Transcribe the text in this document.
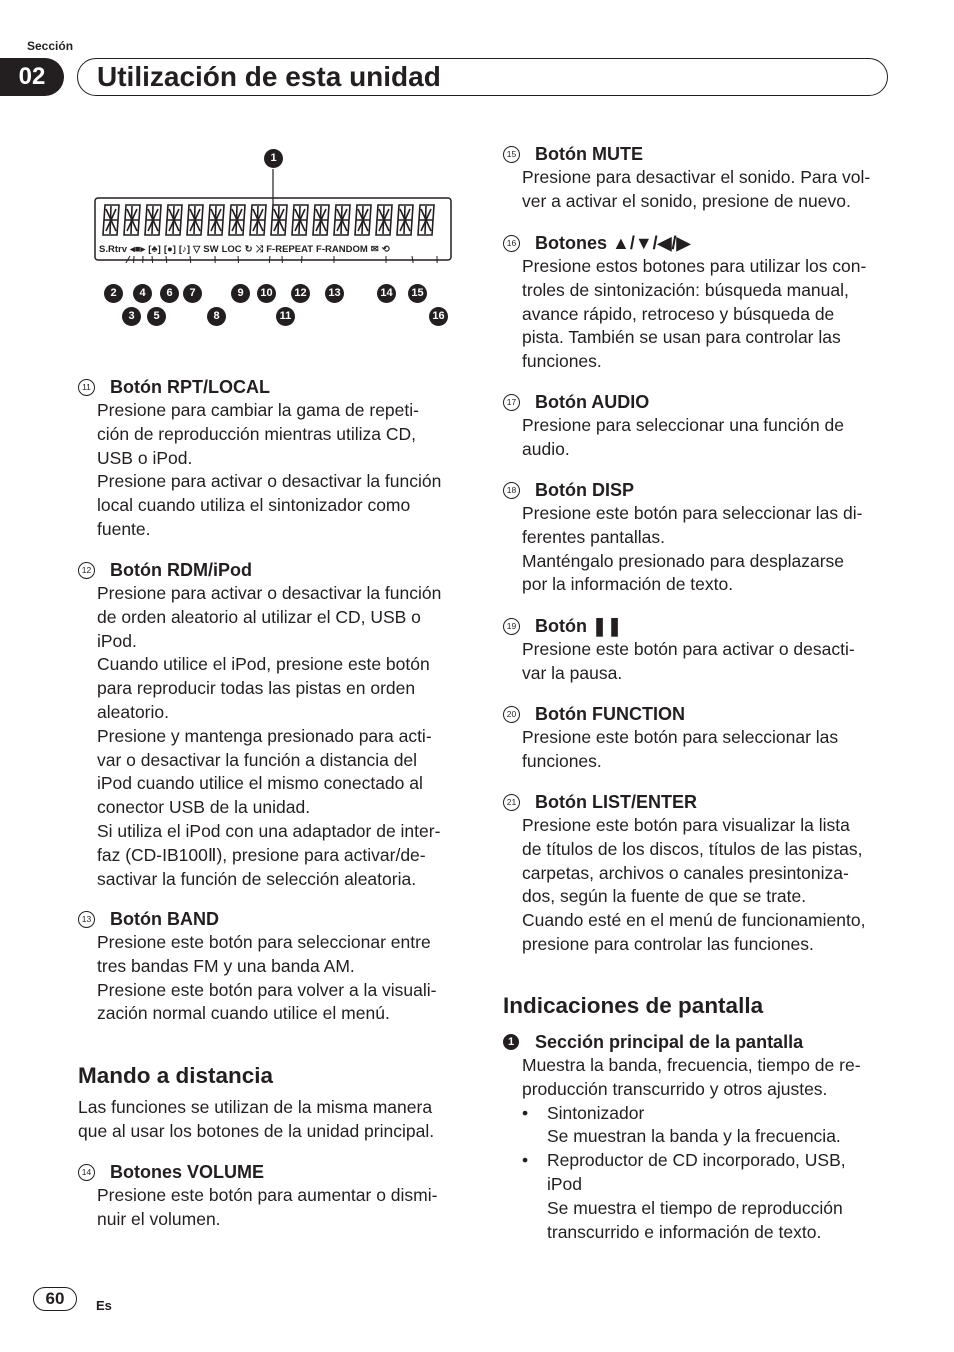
Sección
02	Utilización de esta unidad
S.Rtrv ◂■▸ [♣] [●] [♪] ▽ SW LOC ↻ ⤨ F-REPEAT F-RANDOM ✉ ⟲
1
2
3
4
5
6	7
8
9	10
11
12	13	14	15
16
11 Botón RPT/LOCAL
Presione para cambiar la gama de repeti-
ción de reproducción mientras utiliza CD,
USB o iPod.
Presione para activar o desactivar la función
local cuando utiliza el sintonizador como
fuente.
12 Botón RDM/iPod
Presione para activar o desactivar la función
de orden aleatorio al utilizar el CD, USB o
iPod.
Cuando utilice el iPod, presione este botón
para reproducir todas las pistas en orden
aleatorio.
Presione y mantenga presionado para acti-
var o desactivar la función a distancia del
iPod cuando utilice el mismo conectado al
conector USB de la unidad.
Si utiliza el iPod con una adaptador de inter-
faz (CD-IB100Ⅱ), presione para activar/de-
sactivar la función de selección aleatoria.
13 Botón BAND
Presione este botón para seleccionar entre
tres bandas FM y una banda AM.
Presione este botón para volver a la visuali-
zación normal cuando utilice el menú.
Mando a distancia
Las funciones se utilizan de la misma manera
que al usar los botones de la unidad principal.
14 Botones VOLUME
Presione este botón para aumentar o dismi-
nuir el volumen.
15 Botón MUTE
Presione para desactivar el sonido. Para vol-
ver a activar el sonido, presione de nuevo.
16 Botones ▲/▼/◀/▶
Presione estos botones para utilizar los con-
troles de sintonización: búsqueda manual,
avance rápido, retroceso y búsqueda de
pista. También se usan para controlar las
funciones.
17 Botón AUDIO
Presione para seleccionar una función de
audio.
18 Botón DISP
Presione este botón para seleccionar las di-
ferentes pantallas.
Manténgalo presionado para desplazarse
por la información de texto.
19 Botón ❚❚
Presione este botón para activar o desacti-
var la pausa.
20 Botón FUNCTION
Presione este botón para seleccionar las
funciones.
21 Botón LIST/ENTER
Presione este botón para visualizar la lista
de títulos de los discos, títulos de las pistas,
carpetas, archivos o canales presintoniza-
dos, según la fuente de que se trate.
Cuando esté en el menú de funcionamiento,
presione para controlar las funciones.
Indicaciones de pantalla
1 Sección principal de la pantalla
Muestra la banda, frecuencia, tiempo de re-
producción transcurrido y otros ajustes.
•	Sintonizador
Se muestran la banda y la frecuencia.
•	Reproductor de CD incorporado, USB,
iPod
Se muestra el tiempo de reproducción
transcurrido e información de texto.
60	Es
